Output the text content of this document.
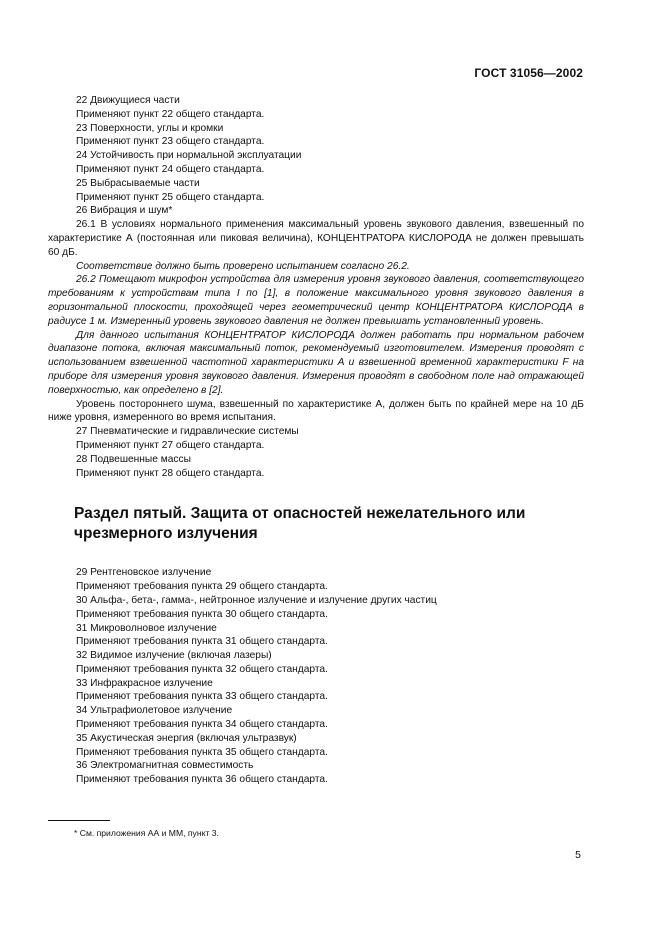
ГОСТ 31056—2002

22 Движущиеся части

Применяют пункт 22 общего стандарта.

23 Поверхности, углы и кромки

Применяют пункт 23 общего стандарта.

24 Устойчивость при нормальной эксплуатации

Применяют пункт 24 общего стандарта.

25 Выбрасываемые части

Применяют пункт 25 общего стандарта.

26 Вибрация и шум*

26.1 В условиях нормального применения максимальный уровень звукового давления, взвешенный по характеристике А (постоянная или пиковая величина), КОНЦЕНТРАТОРА КИСЛОРОДА не должен превышать 60 дБ.

Соответствие должно быть проверено испытанием согласно 26.2.

26.2 Помещают микрофон устройства для измерения уровня звукового давления, соответствующего требованиям к устройствам типа I по [1], в положение максимального уровня звукового давления в горизонтальной плоскости, проходящей через геометрический центр КОНЦЕНТРАТОРА КИСЛОРОДА в радиусе 1 м. Измеренный уровень звукового давления не должен превышать установленный уровень.

Для данного испытания КОНЦЕНТРАТОР КИСЛОРОДА должен работать при нормальном рабочем диапазоне потока, включая максимальный поток, рекомендуемый изготовителем. Измерения проводят с использованием взвешенной частотной характеристики А и взвешенной временной характеристики F на приборе для измерения уровня звукового давления. Измерения проводят в свободном поле над отражающей поверхностью, как определено в [2].

Уровень постороннего шума, взвешенный по характеристике А, должен быть по крайней мере на 10 дБ ниже уровня, измеренного во время испытания.

27 Пневматические и гидравлические системы

Применяют пункт 27 общего стандарта.

28 Подвешенные массы

Применяют пункт 28 общего стандарта.

Раздел пятый. Защита от опасностей нежелательного или чрезмерного излучения

29 Рентгеновское излучение

Применяют требования пункта 29 общего стандарта.

30 Альфа-, бета-, гамма-, нейтронное излучение и излучение других частиц

Применяют требования пункта 30 общего стандарта.

31 Микроволновое излучение

Применяют требования пункта 31 общего стандарта.

32 Видимое излучение (включая лазеры)

Применяют требования пункта 32 общего стандарта.

33 Инфракрасное излучение

Применяют требования пункта 33 общего стандарта.

34 Ультрафиолетовое излучение

Применяют требования пункта 34 общего стандарта.

35 Акустическая энергия (включая ультразвук)

Применяют требования пункта 35 общего стандарта.

36 Электромагнитная совместимость

Применяют требования пункта 36 общего стандарта.

* См. приложения АА и ММ, пункт 3.
5
